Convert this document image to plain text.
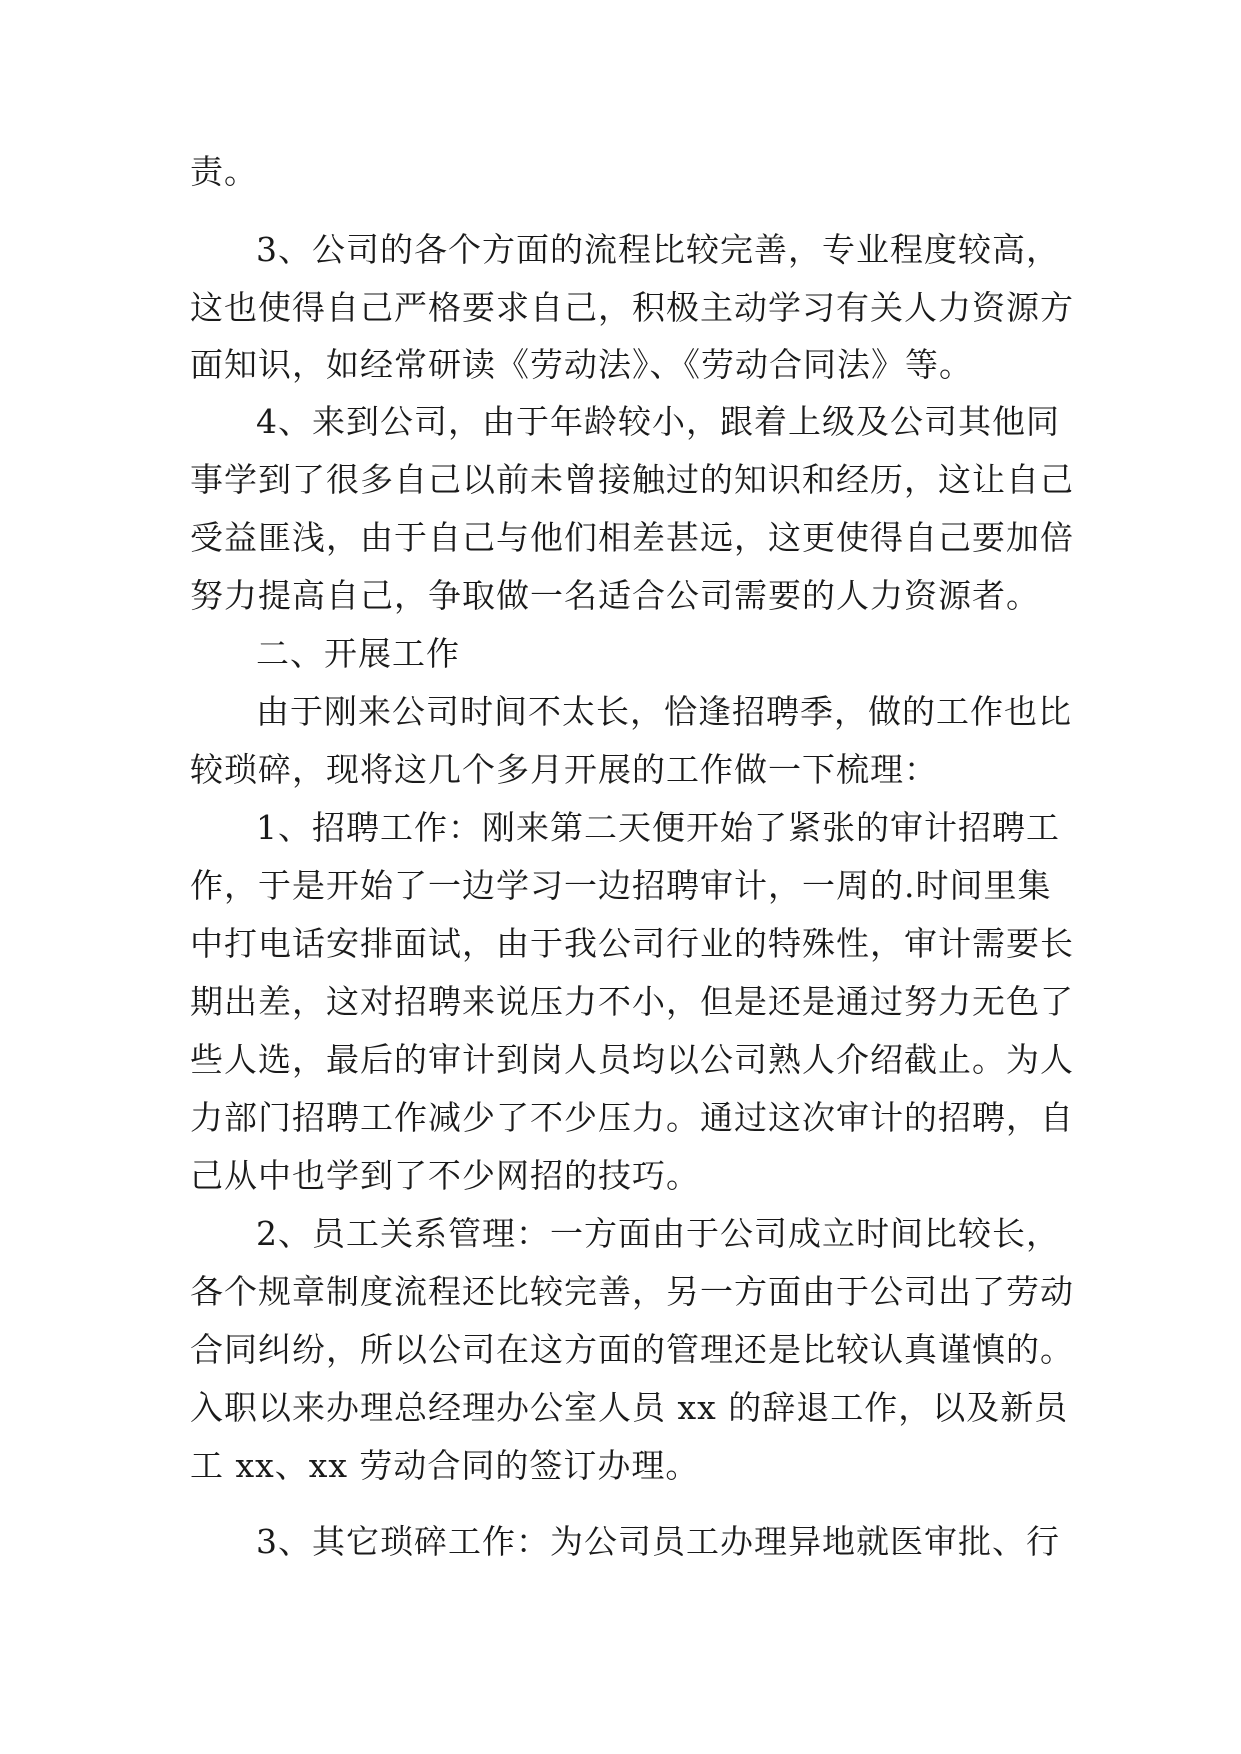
责。

3、公司的各个方面的流程比较完善，专业程度较高，

这也使得自己严格要求自己，积极主动学习有关人力资源方

面知识，如经常研读《劳动法》、《劳动合同法》等。

4、来到公司，由于年龄较小，跟着上级及公司其他同

事学到了很多自己以前未曾接触过的知识和经历，这让自己

受益匪浅，由于自己与他们相差甚远，这更使得自己要加倍

努力提高自己，争取做一名适合公司需要的人力资源者。

二、开展工作

由于刚来公司时间不太长，恰逢招聘季，做的工作也比

较琐碎，现将这几个多月开展的工作做一下梳理：

1、招聘工作：刚来第二天便开始了紧张的审计招聘工

作，于是开始了一边学习一边招聘审计，一周的.时间里集

中打电话安排面试，由于我公司行业的特殊性，审计需要长

期出差，这对招聘来说压力不小，但是还是通过努力无色了

些人选，最后的审计到岗人员均以公司熟人介绍截止。为人

力部门招聘工作减少了不少压力。通过这次审计的招聘，自

己从中也学到了不少网招的技巧。

2、员工关系管理：一方面由于公司成立时间比较长，

各个规章制度流程还比较完善，另一方面由于公司出了劳动

合同纠纷，所以公司在这方面的管理还是比较认真谨慎的。

入职以来办理总经理办公室人员 xx 的辞退工作，以及新员

工 xx、xx 劳动合同的签订办理。

3、其它琐碎工作：为公司员工办理异地就医审批、行
